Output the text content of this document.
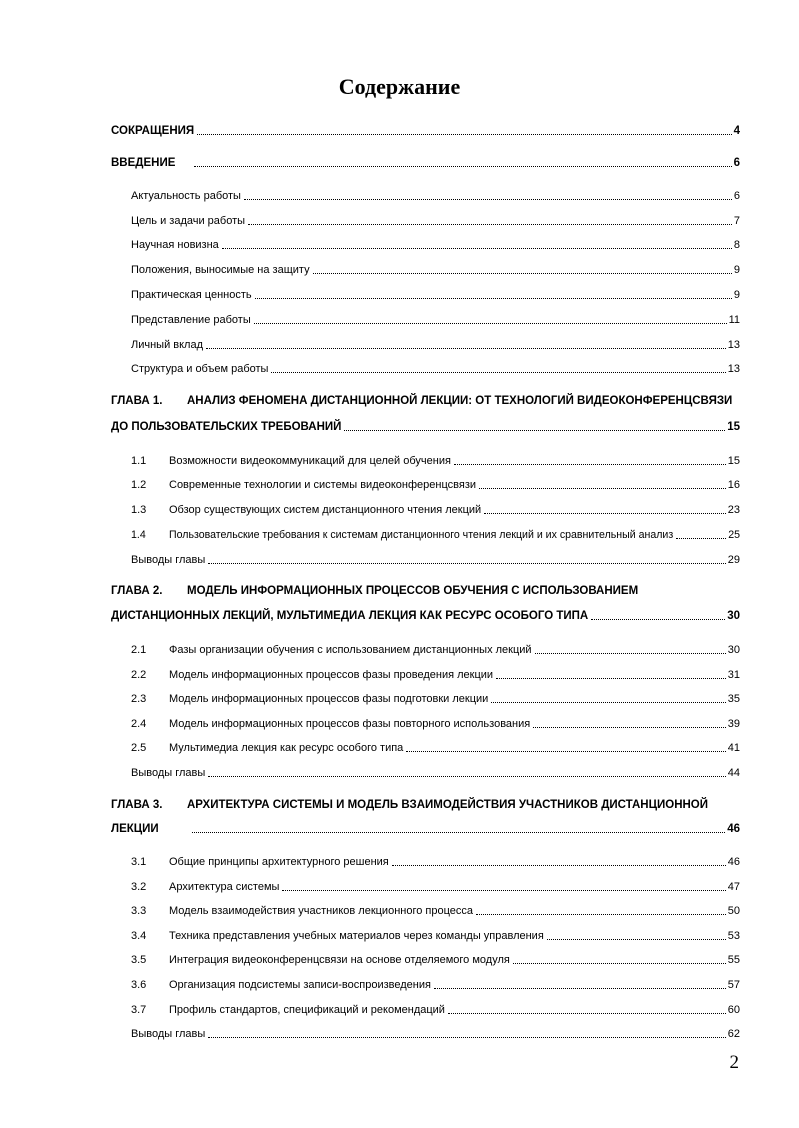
Содержание
СОКРАЩЕНИЯ	4
ВВЕДЕНИЕ	6
Актуальность работы	6
Цель и задачи работы	7
Научная новизна	8
Положения, выносимые на защиту	9
Практическая ценность	9
Представление работы	11
Личный вклад	13
Структура и объем работы	13
ГЛАВА 1.	АНАЛИЗ ФЕНОМЕНА ДИСТАНЦИОННОЙ ЛЕКЦИИ: ОТ ТЕХНОЛОГИЙ ВИДЕОКОНФЕРЕНЦСВЯЗИ
ДО ПОЛЬЗОВАТЕЛЬСКИХ ТРЕБОВАНИЙ	15
1.1	Возможности видеокоммуникаций для целей обучения	15
1.2	Современные технологии и системы видеоконференцсвязи	16
1.3	Обзор существующих систем дистанционного чтения лекций	23
1.4	Пользовательские требования к системам дистанционного чтения лекций и их сравнительный анализ	25
Выводы главы	29
ГЛАВА 2.	МОДЕЛЬ ИНФОРМАЦИОННЫХ ПРОЦЕССОВ ОБУЧЕНИЯ С ИСПОЛЬЗОВАНИЕМ
ДИСТАНЦИОННЫХ ЛЕКЦИЙ, МУЛЬТИМЕДИА ЛЕКЦИЯ КАК РЕСУРС ОСОБОГО ТИПА	30
2.1	Фазы организации обучения с использованием дистанционных лекций	30
2.2	Модель информационных процессов фазы проведения лекции	31
2.3	Модель информационных процессов фазы подготовки лекции	35
2.4	Модель информационных процессов фазы повторного использования	39
2.5	Мультимедиа лекция как ресурс особого типа	41
Выводы главы	44
ГЛАВА 3.	АРХИТЕКТУРА СИСТЕМЫ И МОДЕЛЬ ВЗАИМОДЕЙСТВИЯ УЧАСТНИКОВ ДИСТАНЦИОННОЙ
ЛЕКЦИИ	46
3.1	Общие принципы архитектурного решения	46
3.2	Архитектура системы	47
3.3	Модель взаимодействия участников лекционного процесса	50
3.4	Техника представления учебных материалов через команды управления	53
3.5	Интеграция видеоконференцсвязи на основе отделяемого модуля	55
3.6	Организация подсистемы записи-воспроизведения	57
3.7	Профиль стандартов, спецификаций и рекомендаций	60
Выводы главы	62
2
